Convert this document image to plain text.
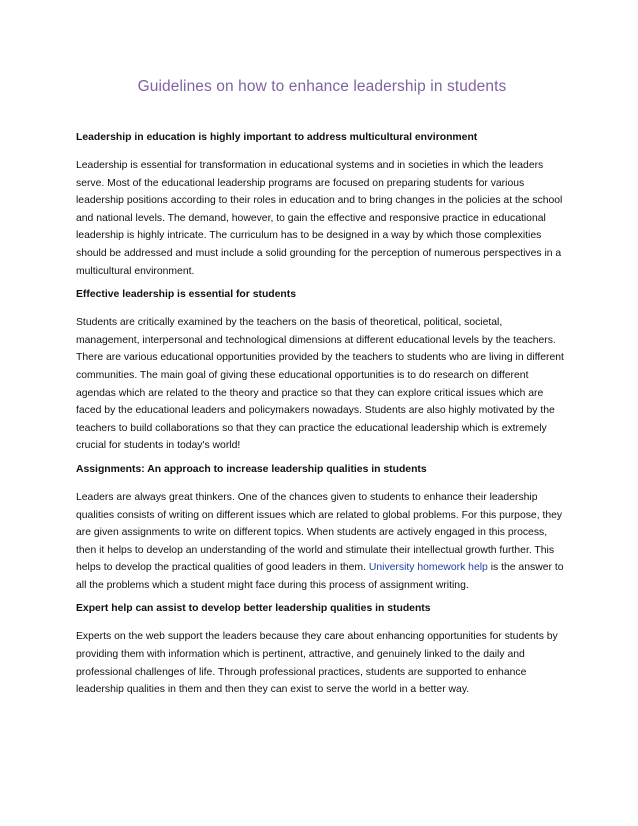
Guidelines on how to enhance leadership in students

Leadership in education is highly important to address multicultural environment

Leadership is essential for transformation in educational systems and in societies in which the leaders serve. Most of the educational leadership programs are focused on preparing students for various leadership positions according to their roles in education and to bring changes in the policies at the school and national levels. The demand, however, to gain the effective and responsive practice in educational leadership is highly intricate. The curriculum has to be designed in a way by which those complexities should be addressed and must include a solid grounding for the perception of numerous perspectives in a multicultural environment.

Effective leadership is essential for students

Students are critically examined by the teachers on the basis of theoretical, political, societal, management, interpersonal and technological dimensions at different educational levels by the teachers. There are various educational opportunities provided by the teachers to students who are living in different communities. The main goal of giving these educational opportunities is to do research on different agendas which are related to the theory and practice so that they can explore critical issues which are faced by the educational leaders and policymakers nowadays. Students are also highly motivated by the teachers to build collaborations so that they can practice the educational leadership which is extremely crucial for students in today's world!

Assignments: An approach to increase leadership qualities in students

Leaders are always great thinkers. One of the chances given to students to enhance their leadership qualities consists of writing on different issues which are related to global problems. For this purpose, they are given assignments to write on different topics. When students are actively engaged in this process, then it helps to develop an understanding of the world and stimulate their intellectual growth further. This helps to develop the practical qualities of good leaders in them. University homework help is the answer to all the problems which a student might face during this process of assignment writing.

Expert help can assist to develop better leadership qualities in students

Experts on the web support the leaders because they care about enhancing opportunities for students by providing them with information which is pertinent, attractive, and genuinely linked to the daily and professional challenges of life. Through professional practices, students are supported to enhance leadership qualities in them and then they can exist to serve the world in a better way.
